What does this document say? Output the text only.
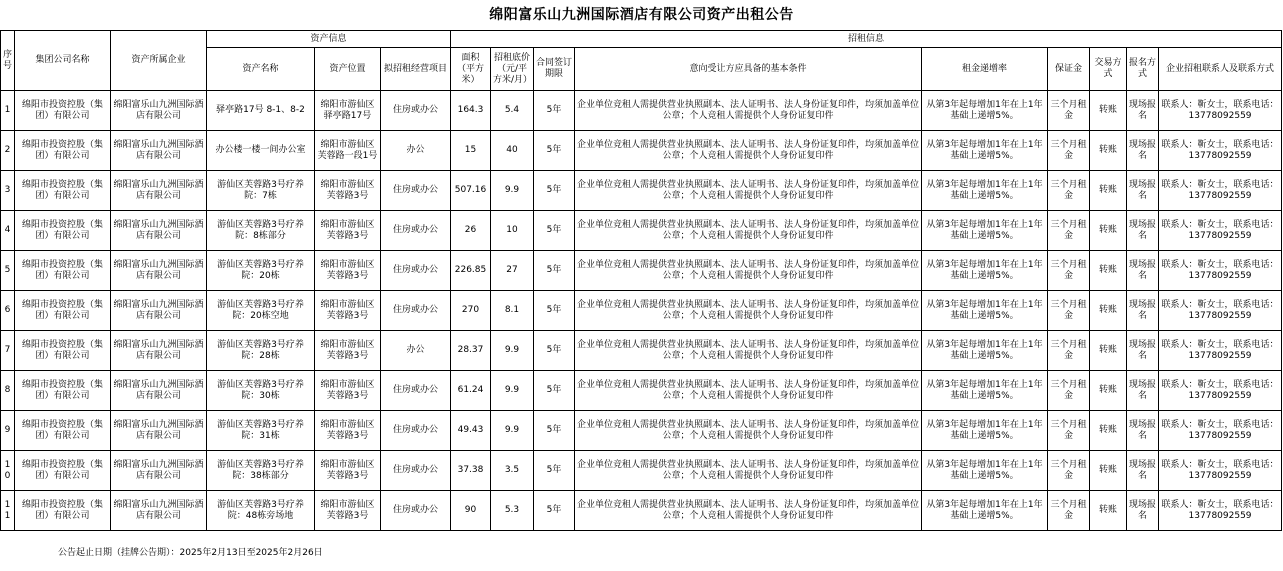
绵阳富乐山九洲国际酒店有限公司资产出租公告
序号	集团公司名称	资产所属企业	资产信息			招租信息								
			资产名称	资产位置	拟招租经营项目	面积（平方米）	招租底价（元/平方米/月）	合同签订期限	意向受让方应具备的基本条件	租金递增率	保证金	交易方式	报名方式	企业招租联系人及联系方式
1	绵阳市投资控股（集团）有限公司	绵阳富乐山九洲国际酒店有限公司	驿亭路17号 8-1、8-2	绵阳市游仙区驿亭路17号	住房或办公	164.3	5.4	5年	企业单位竞租人需提供营业执照副本、法人证明书、法人身份证复印件，均须加盖单位公章；个人竞租人需提供个人身份证复印件	从第3年起每增加1年在上1年基础上递增5%。	三个月租金	转账	现场报名	联系人：靳女士，联系电话：13778092559
2	绵阳市投资控股（集团）有限公司	绵阳富乐山九洲国际酒店有限公司	办公楼一楼一间办公室	绵阳市游仙区芙蓉路一段1号	办公	15	40	5年	企业单位竞租人需提供营业执照副本、法人证明书、法人身份证复印件，均须加盖单位公章；个人竞租人需提供个人身份证复印件	从第3年起每增加1年在上1年基础上递增5%。	三个月租金	转账	现场报名	联系人：靳女士，联系电话：13778092559
3	绵阳市投资控股（集团）有限公司	绵阳富乐山九洲国际酒店有限公司	游仙区芙蓉路3号疗养院：7栋	绵阳市游仙区芙蓉路3号	住房或办公	507.16	9.9	5年	企业单位竞租人需提供营业执照副本、法人证明书、法人身份证复印件，均须加盖单位公章；个人竞租人需提供个人身份证复印件	从第3年起每增加1年在上1年基础上递增5%。	三个月租金	转账	现场报名	联系人：靳女士，联系电话：13778092559
4	绵阳市投资控股（集团）有限公司	绵阳富乐山九洲国际酒店有限公司	游仙区芙蓉路3号疗养院：8栋部分	绵阳市游仙区芙蓉路3号	住房或办公	26	10	5年	企业单位竞租人需提供营业执照副本、法人证明书、法人身份证复印件，均须加盖单位公章；个人竞租人需提供个人身份证复印件	从第3年起每增加1年在上1年基础上递增5%。	三个月租金	转账	现场报名	联系人：靳女士，联系电话：13778092559
5	绵阳市投资控股（集团）有限公司	绵阳富乐山九洲国际酒店有限公司	游仙区芙蓉路3号疗养院：20栋	绵阳市游仙区芙蓉路3号	住房或办公	226.85	27	5年	企业单位竞租人需提供营业执照副本、法人证明书、法人身份证复印件，均须加盖单位公章；个人竞租人需提供个人身份证复印件	从第3年起每增加1年在上1年基础上递增5%。	三个月租金	转账	现场报名	联系人：靳女士，联系电话：13778092559
6	绵阳市投资控股（集团）有限公司	绵阳富乐山九洲国际酒店有限公司	游仙区芙蓉路3号疗养院：20栋空地	绵阳市游仙区芙蓉路3号	住房或办公	270	8.1	5年	企业单位竞租人需提供营业执照副本、法人证明书、法人身份证复印件，均须加盖单位公章；个人竞租人需提供个人身份证复印件	从第3年起每增加1年在上1年基础上递增5%。	三个月租金	转账	现场报名	联系人：靳女士，联系电话：13778092559
7	绵阳市投资控股（集团）有限公司	绵阳富乐山九洲国际酒店有限公司	游仙区芙蓉路3号疗养院：28栋	绵阳市游仙区芙蓉路3号	办公	28.37	9.9	5年	企业单位竞租人需提供营业执照副本、法人证明书、法人身份证复印件，均须加盖单位公章；个人竞租人需提供个人身份证复印件	从第3年起每增加1年在上1年基础上递增5%。	三个月租金	转账	现场报名	联系人：靳女士，联系电话：13778092559
8	绵阳市投资控股（集团）有限公司	绵阳富乐山九洲国际酒店有限公司	游仙区芙蓉路3号疗养院：30栋	绵阳市游仙区芙蓉路3号	住房或办公	61.24	9.9	5年	企业单位竞租人需提供营业执照副本、法人证明书、法人身份证复印件，均须加盖单位公章；个人竞租人需提供个人身份证复印件	从第3年起每增加1年在上1年基础上递增5%。	三个月租金	转账	现场报名	联系人：靳女士，联系电话：13778092559
9	绵阳市投资控股（集团）有限公司	绵阳富乐山九洲国际酒店有限公司	游仙区芙蓉路3号疗养院：31栋	绵阳市游仙区芙蓉路3号	住房或办公	49.43	9.9	5年	企业单位竞租人需提供营业执照副本、法人证明书、法人身份证复印件，均须加盖单位公章；个人竞租人需提供个人身份证复印件	从第3年起每增加1年在上1年基础上递增5%。	三个月租金	转账	现场报名	联系人：靳女士，联系电话：13778092559
10	绵阳市投资控股（集团）有限公司	绵阳富乐山九洲国际酒店有限公司	游仙区芙蓉路3号疗养院：38栋部分	绵阳市游仙区芙蓉路3号	住房或办公	37.38	3.5	5年	企业单位竞租人需提供营业执照副本、法人证明书、法人身份证复印件，均须加盖单位公章；个人竞租人需提供个人身份证复印件	从第3年起每增加1年在上1年基础上递增5%。	三个月租金	转账	现场报名	联系人：靳女士，联系电话：13778092559
11	绵阳市投资控股（集团）有限公司	绵阳富乐山九洲国际酒店有限公司	游仙区芙蓉路3号疗养院：48栋旁场地	绵阳市游仙区芙蓉路3号	住房或办公	90	5.3	5年	企业单位竞租人需提供营业执照副本、法人证明书、法人身份证复印件，均须加盖单位公章；个人竞租人需提供个人身份证复印件	从第3年起每增加1年在上1年基础上递增5%。	三个月租金	转账	现场报名	联系人：靳女士，联系电话：13778092559
公告起止日期（挂牌公告期）：2025年2月13日至2025年2月26日
